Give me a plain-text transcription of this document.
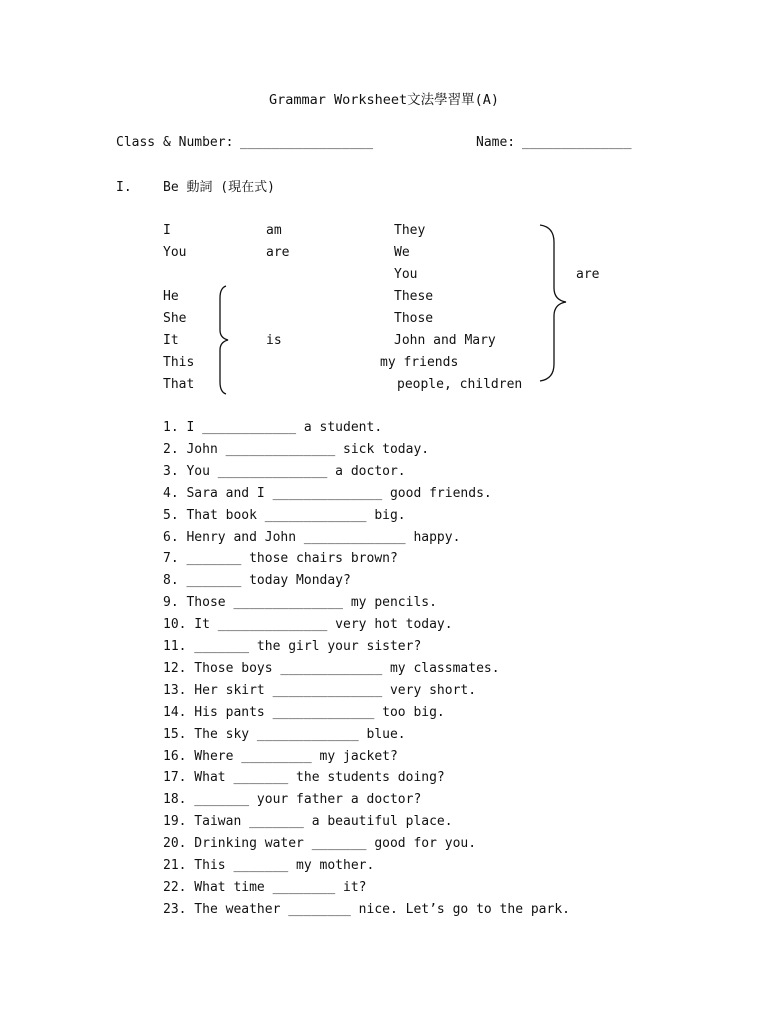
Grammar Worksheet文法學習單(A)
Class & Number: _________________	Name: ______________
I. Be 動詞 (現在式)
I
You
He
She
It
This
That
am
are
is
They
We
You
These
Those
John and Mary
my friends
people, children
are
1. I ____________ a student.
2. John ______________ sick today.
3. You ______________ a doctor.
4. Sara and I ______________ good friends.
5. That book _____________ big.
6. Henry and John _____________ happy.
7. _______ those chairs brown?
8. _______ today Monday?
9. Those ______________ my pencils.
10. It ______________ very hot today.
11. _______ the girl your sister?
12. Those boys _____________ my classmates.
13. Her skirt ______________ very short.
14. His pants _____________ too big.
15. The sky _____________ blue.
16. Where _________ my jacket?
17. What _______ the students doing?
18. _______ your father a doctor?
19. Taiwan _______ a beautiful place.
20. Drinking water _______ good for you.
21. This _______ my mother.
22. What time ________ it?
23. The weather ________ nice. Let’s go to the park.
